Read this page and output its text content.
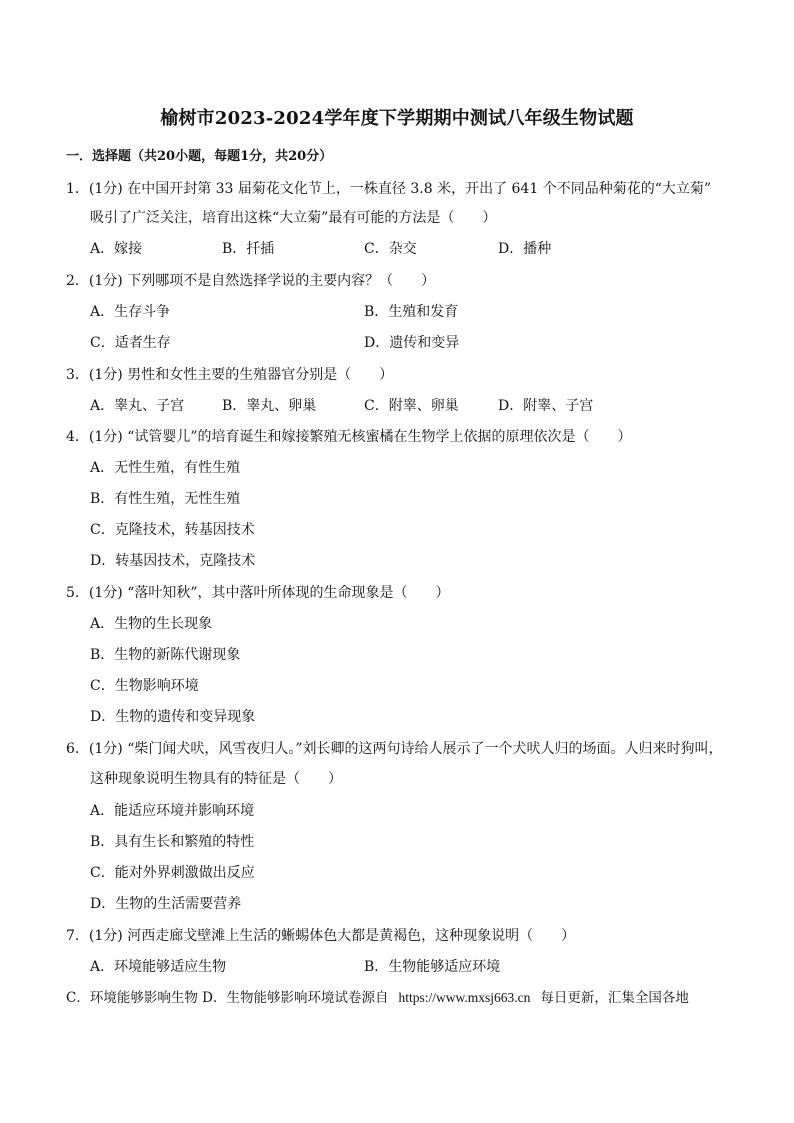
榆树市2023-2024学年度下学期期中测试八年级生物试题
一．选择题（共20小题，每题1分，共20分）
1．(1分) 在中国开封第 33 届菊花文化节上，一株直径 3.8 米，开出了 641 个不同品种菊花的“大立菊”
吸引了广泛关注，培育出这株“大立菊”最有可能的方法是（　　）
A．嫁接	B．扦插	C．杂交	D．播种
2．(1分) 下列哪项不是自然选择学说的主要内容？（　　）
A．生存斗争	B．生殖和发育
C．适者生存	D．遗传和变异
3．(1分) 男性和女性主要的生殖器官分别是（　　）
A．睾丸、子宫	B．睾丸、卵巢	C．附睾、卵巢	D．附睾、子宫
4．(1分) “试管婴儿”的培育诞生和嫁接繁殖无核蜜橘在生物学上依据的原理依次是（　　）
A．无性生殖，有性生殖
B．有性生殖，无性生殖
C．克隆技术，转基因技术
D．转基因技术，克隆技术
5．(1分) “落叶知秋”，其中落叶所体现的生命现象是（　　）
A．生物的生长现象
B．生物的新陈代谢现象
C．生物影响环境
D．生物的遗传和变异现象
6．(1分) “柴门闻犬吠，风雪夜归人。”刘长卿的这两句诗给人展示了一个犬吠人归的场面。人归来时狗叫，
这种现象说明生物具有的特征是（　　）
A．能适应环境并影响环境
B．具有生长和繁殖的特性
C．能对外界刺激做出反应
D．生物的生活需要营养
7．(1分) 河西走廊戈壁滩上生活的蜥蜴体色大都是黄褐色，这种现象说明（　　）
A．环境能够适应生物	B．生物能够适应环境
C．环境能够影响生物 D．生物能够影响环境试卷源自 https://www.mxsj663.cn 每日更新，汇集全国各地
